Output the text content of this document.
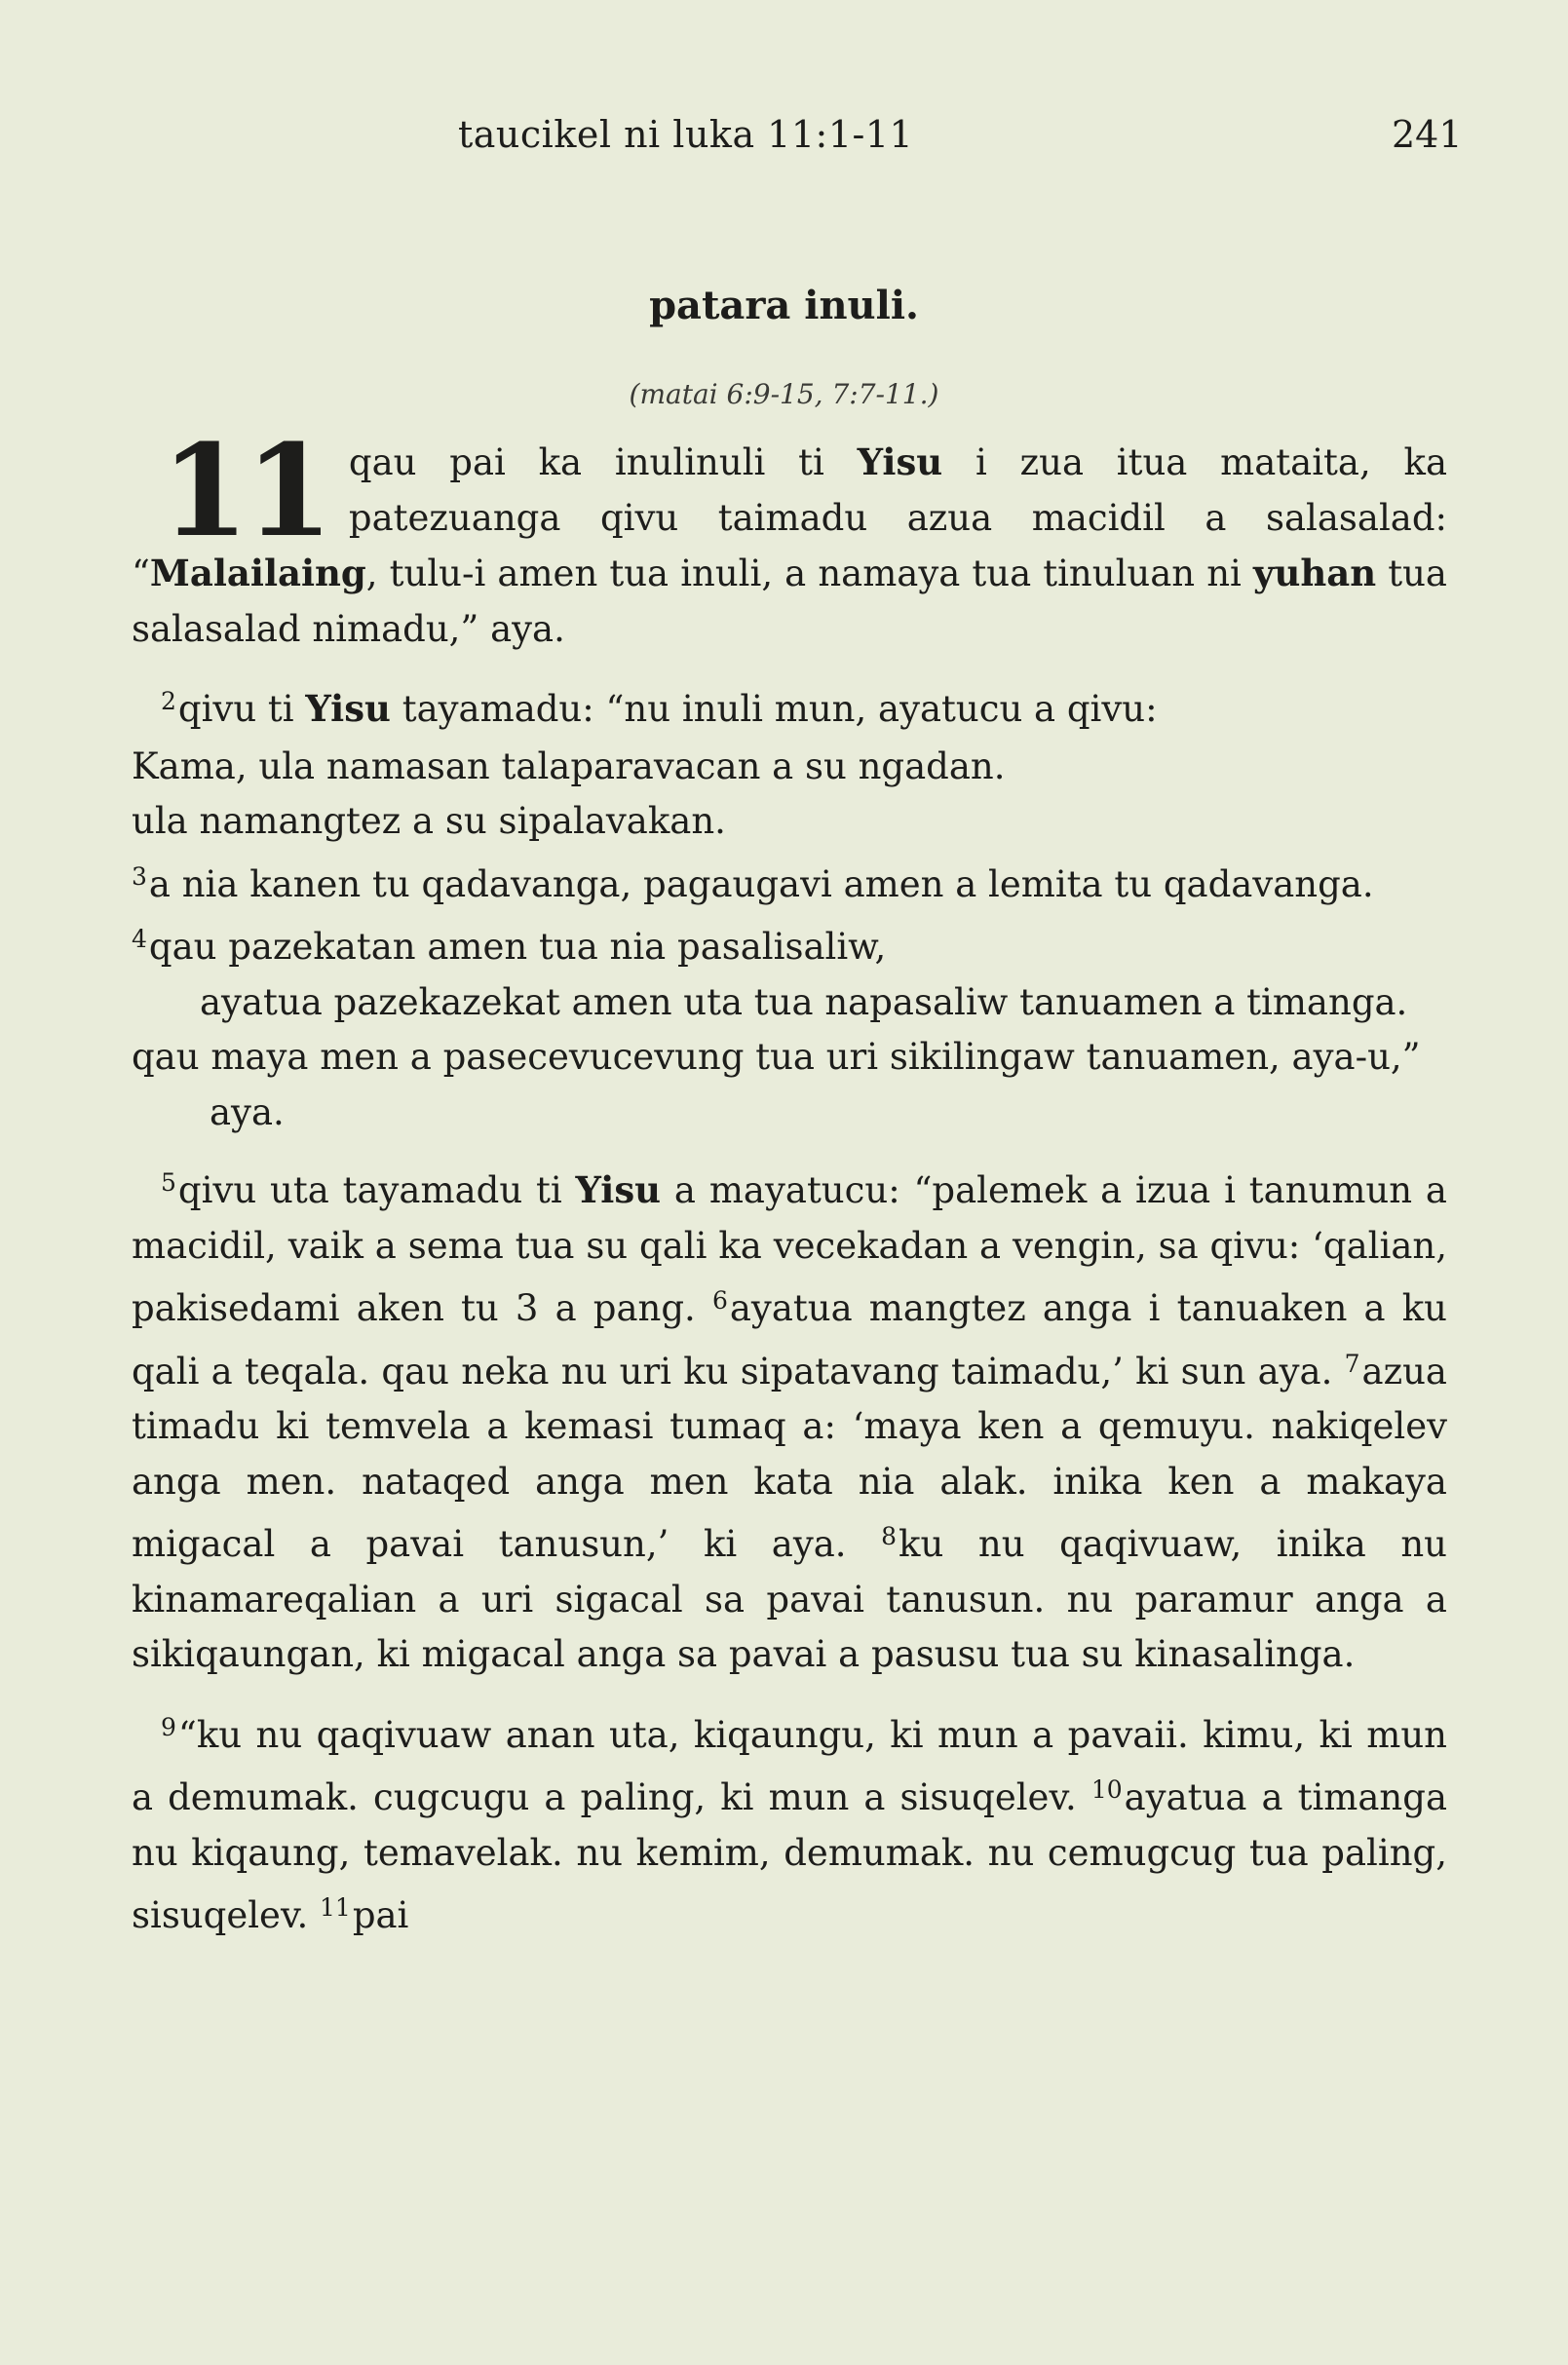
taucikel ni luka 11:1-11	241
patara inuli.
(matai 6:9-15, 7:7-11.)

11 qau pai ka inulinuli ti Yisu i zua itua mataita, ka patezuanga qivu taimadu azua macidil a salasalad: “Malailaing, tulu-i amen tua inuli, a namaya tua tinuluan ni yuhan tua salasalad nimadu,” aya.

$^2$qivu ti Yisu tayamadu: “nu inuli mun, ayatucu a qivu:

Kama, ula namasan talaparavacan a su ngadan.

ula namangtez a su sipalavakan.

$^3$a nia kanen tu qadavanga, pagaugavi amen a lemita tu qadavanga.

$^4$qau pazekatan amen tua nia pasalisaliw,

ayatua pazekazekat amen uta tua napasaliw tanuamen a timanga.

qau maya men a pasecevucevung tua uri sikilingaw tanuamen, aya-u,” aya.

$^5$qivu uta tayamadu ti Yisu a mayatucu: “palemek a izua i tanumun a macidil, vaik a sema tua su qali ka vecekadan a vengin, sa qivu: ‘qalian, pakisedami aken tu 3 a pang. $^6$ayatua mangtez anga i tanuaken a ku qali a teqala. qau neka nu uri ku sipatavang taimadu,’ ki sun aya. $^7$azua timadu ki temvela a kemasi tumaq a: ‘maya ken a qemuyu. nakiqelev anga men. nataqed anga men kata nia alak. inika ken a makaya migacal a pavai tanusun,’ ki aya. $^8$ku nu qaqivuaw, inika nu kinamareqalian a uri sigacal sa pavai tanusun. nu paramur anga a sikiqaungan, ki migacal anga sa pavai a pasusu tua su kinasalinga.

$^9$“ku nu qaqivuaw anan uta, kiqaungu, ki mun a pavaii. kimu, ki mun a demumak. cugcugu a paling, ki mun a sisuqelev. $^{10}$ayatua a timanga nu kiqaung, temavelak. nu kemim, demumak. nu cemugcug tua paling, sisuqelev. $^{11}$pai
